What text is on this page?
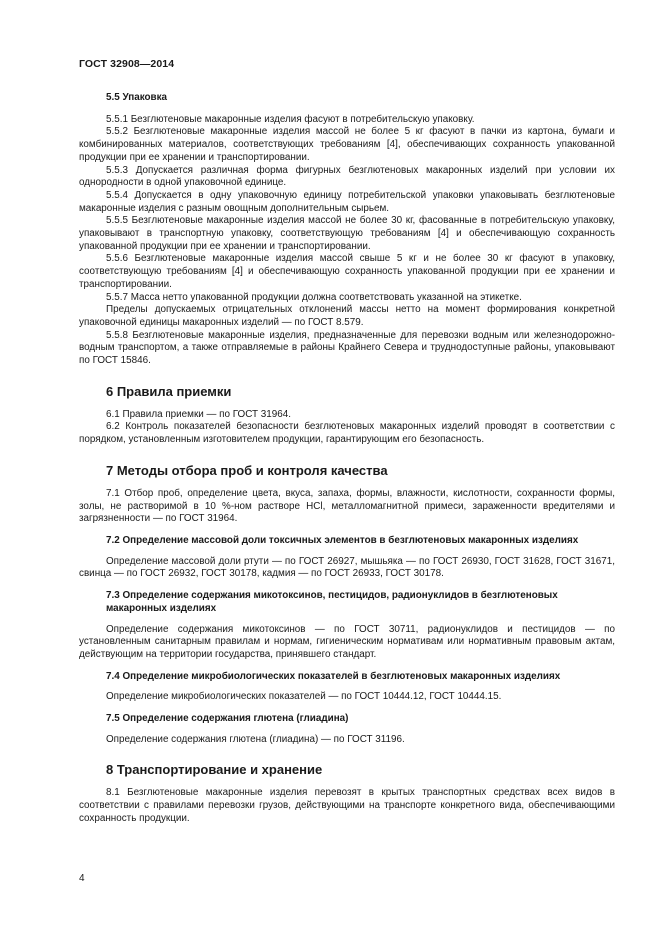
ГОСТ 32908—2014
5.5 Упаковка

5.5.1 Безглютеновые макаронные изделия фасуют в потребительскую упаковку.

5.5.2 Безглютеновые макаронные изделия массой не более 5 кг фасуют в пачки из картона, бумаги и комбинированных материалов, соответствующих требованиям [4], обеспечивающих сохранность упакованной продукции при ее хранении и транспортировании.

5.5.3 Допускается различная форма фигурных безглютеновых макаронных изделий при условии их однородности в одной упаковочной единице.

5.5.4 Допускается в одну упаковочную единицу потребительской упаковки упаковывать безглютеновые макаронные изделия с разным овощным дополнительным сырьем.

5.5.5 Безглютеновые макаронные изделия массой не более 30 кг, фасованные в потребительскую упаковку, упаковывают в транспортную упаковку, соответствующую требованиям [4] и обеспечивающую сохранность упакованной продукции при ее хранении и транспортировании.

5.5.6 Безглютеновые макаронные изделия массой свыше 5 кг и не более 30 кг фасуют в упаковку, соответствующую требованиям [4] и обеспечивающую сохранность упакованной продукции при ее хранении и транспортировании.

5.5.7 Масса нетто упакованной продукции должна соответствовать указанной на этикетке.

Пределы допускаемых отрицательных отклонений массы нетто на момент формирования конкретной упаковочной единицы макаронных изделий — по ГОСТ 8.579.

5.5.8 Безглютеновые макаронные изделия, предназначенные для перевозки водным или железнодорожно-водным транспортом, а также отправляемые в районы Крайнего Севера и труднодоступные районы, упаковывают по ГОСТ 15846.

6 Правила приемки

6.1 Правила приемки — по ГОСТ 31964.

6.2 Контроль показателей безопасности безглютеновых макаронных изделий проводят в соответствии с порядком, установленным изготовителем продукции, гарантирующим его безопасность.

7 Методы отбора проб и контроля качества

7.1 Отбор проб, определение цвета, вкуса, запаха, формы, влажности, кислотности, сохранности формы, золы, не растворимой в 10 %-ном растворе HCl, металломагнитной примеси, зараженности вредителями и загрязненности — по ГОСТ 31964.

7.2 Определение массовой доли токсичных элементов в безглютеновых макаронных изделиях

Определение массовой доли ртути — по ГОСТ 26927, мышьяка — по ГОСТ 26930, ГОСТ 31628, ГОСТ 31671, свинца — по ГОСТ 26932, ГОСТ 30178, кадмия — по ГОСТ 26933, ГОСТ 30178.

7.3 Определение содержания микотоксинов, пестицидов, радионуклидов в безглютеновых макаронных изделиях

Определение содержания микотоксинов — по ГОСТ 30711, радионуклидов и пестицидов — по установленным санитарным правилам и нормам, гигиеническим нормативам или нормативным правовым актам, действующим на территории государства, принявшего стандарт.

7.4 Определение микробиологических показателей в безглютеновых макаронных изделиях

Определение микробиологических показателей — по ГОСТ 10444.12, ГОСТ 10444.15.

7.5 Определение содержания глютена (глиадина)

Определение содержания глютена (глиадина) — по ГОСТ 31196.

8 Транспортирование и хранение

8.1 Безглютеновые макаронные изделия перевозят в крытых транспортных средствах всех видов в соответствии с правилами перевозки грузов, действующими на транспорте конкретного вида, обеспечивающими сохранность продукции.

4
